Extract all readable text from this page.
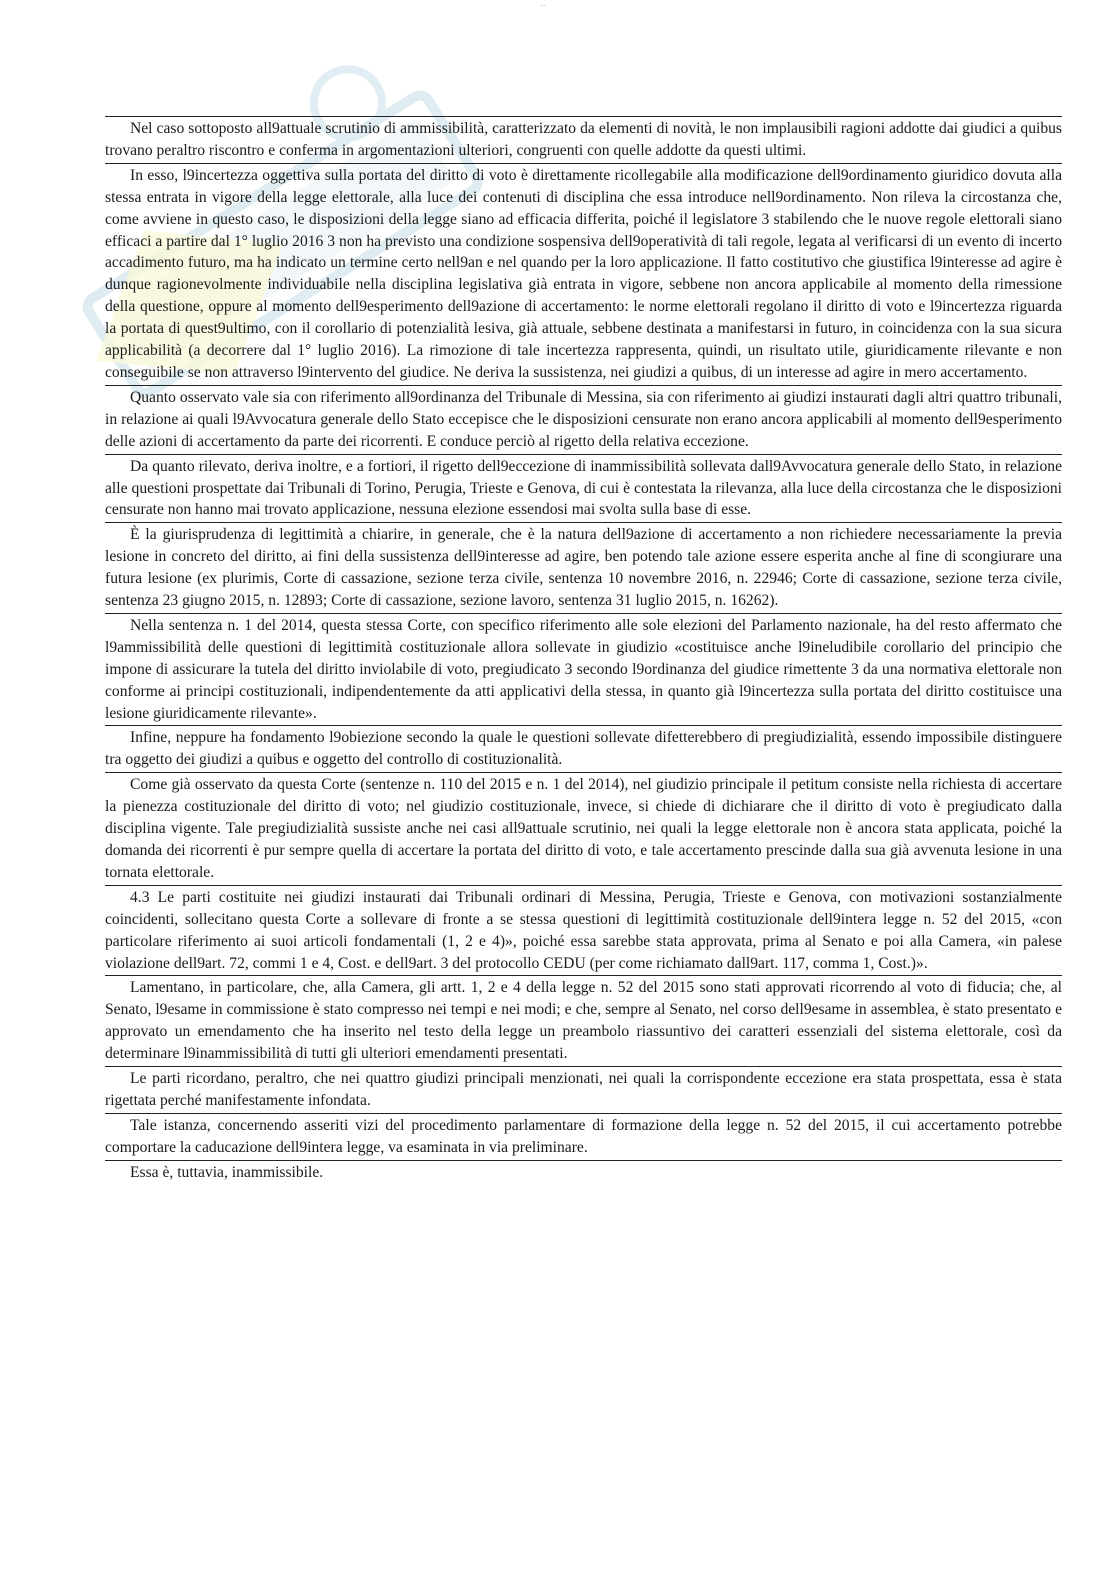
...

Nel caso sottoposto all9attuale scrutinio di ammissibilità, caratterizzato da elementi di novità, le non implausibili ragioni addotte dai giudici a quibus trovano peraltro riscontro e conferma in argomentazioni ulteriori, congruenti con quelle addotte da questi ultimi.

In esso, l9incertezza oggettiva sulla portata del diritto di voto è direttamente ricollegabile alla modificazione dell9ordinamento giuridico dovuta alla stessa entrata in vigore della legge elettorale, alla luce dei contenuti di disciplina che essa introduce nell9ordinamento. Non rileva la circostanza che, come avviene in questo caso, le disposizioni della legge siano ad efficacia differita, poiché il legislatore 3 stabilendo che le nuove regole elettorali siano efficaci a partire dal 1° luglio 2016 3 non ha previsto una condizione sospensiva dell9operatività di tali regole, legata al verificarsi di un evento di incerto accadimento futuro, ma ha indicato un termine certo nell9an e nel quando per la loro applicazione. Il fatto costitutivo che giustifica l9interesse ad agire è dunque ragionevolmente individuabile nella disciplina legislativa già entrata in vigore, sebbene non ancora applicabile al momento della rimessione della questione, oppure al momento dell9esperimento dell9azione di accertamento: le norme elettorali regolano il diritto di voto e l9incertezza riguarda la portata di quest9ultimo, con il corollario di potenzialità lesiva, già attuale, sebbene destinata a manifestarsi in futuro, in coincidenza con la sua sicura applicabilità (a decorrere dal 1° luglio 2016). La rimozione di tale incertezza rappresenta, quindi, un risultato utile, giuridicamente rilevante e non conseguibile se non attraverso l9intervento del giudice. Ne deriva la sussistenza, nei giudizi a quibus, di un interesse ad agire in mero accertamento.

Quanto osservato vale sia con riferimento all9ordinanza del Tribunale di Messina, sia con riferimento ai giudizi instaurati dagli altri quattro tribunali, in relazione ai quali l9Avvocatura generale dello Stato eccepisce che le disposizioni censurate non erano ancora applicabili al momento dell9esperimento delle azioni di accertamento da parte dei ricorrenti. E conduce perciò al rigetto della relativa eccezione.

Da quanto rilevato, deriva inoltre, e a fortiori, il rigetto dell9eccezione di inammissibilità sollevata dall9Avvocatura generale dello Stato, in relazione alle questioni prospettate dai Tribunali di Torino, Perugia, Trieste e Genova, di cui è contestata la rilevanza, alla luce della circostanza che le disposizioni censurate non hanno mai trovato applicazione, nessuna elezione essendosi mai svolta sulla base di esse.

È la giurisprudenza di legittimità a chiarire, in generale, che è la natura dell9azione di accertamento a non richiedere necessariamente la previa lesione in concreto del diritto, ai fini della sussistenza dell9interesse ad agire, ben potendo tale azione essere esperita anche al fine di scongiurare una futura lesione (ex plurimis, Corte di cassazione, sezione terza civile, sentenza 10 novembre 2016, n. 22946; Corte di cassazione, sezione terza civile, sentenza 23 giugno 2015, n. 12893; Corte di cassazione, sezione lavoro, sentenza 31 luglio 2015, n. 16262).

Nella sentenza n. 1 del 2014, questa stessa Corte, con specifico riferimento alle sole elezioni del Parlamento nazionale, ha del resto affermato che l9ammissibilità delle questioni di legittimità costituzionale allora sollevate in giudizio «costituisce anche l9ineludibile corollario del principio che impone di assicurare la tutela del diritto inviolabile di voto, pregiudicato 3 secondo l9ordinanza del giudice rimettente 3 da una normativa elettorale non conforme ai principi costituzionali, indipendentemente da atti applicativi della stessa, in quanto già l9incertezza sulla portata del diritto costituisce una lesione giuridicamente rilevante».

Infine, neppure ha fondamento l9obiezione secondo la quale le questioni sollevate difetterebbero di pregiudizialità, essendo impossibile distinguere tra oggetto dei giudizi a quibus e oggetto del controllo di costituzionalità.

Come già osservato da questa Corte (sentenze n. 110 del 2015 e n. 1 del 2014), nel giudizio principale il petitum consiste nella richiesta di accertare la pienezza costituzionale del diritto di voto; nel giudizio costituzionale, invece, si chiede di dichiarare che il diritto di voto è pregiudicato dalla disciplina vigente. Tale pregiudizialità sussiste anche nei casi all9attuale scrutinio, nei quali la legge elettorale non è ancora stata applicata, poiché la domanda dei ricorrenti è pur sempre quella di accertare la portata del diritto di voto, e tale accertamento prescinde dalla sua già avvenuta lesione in una tornata elettorale.

4.3 Le parti costituite nei giudizi instaurati dai Tribunali ordinari di Messina, Perugia, Trieste e Genova, con motivazioni sostanzialmente coincidenti, sollecitano questa Corte a sollevare di fronte a se stessa questioni di legittimità costituzionale dell9intera legge n. 52 del 2015, «con particolare riferimento ai suoi articoli fondamentali (1, 2 e 4)», poiché essa sarebbe stata approvata, prima al Senato e poi alla Camera, «in palese violazione dell9art. 72, commi 1 e 4, Cost. e dell9art. 3 del protocollo CEDU (per come richiamato dall9art. 117, comma 1, Cost.)».

Lamentano, in particolare, che, alla Camera, gli artt. 1, 2 e 4 della legge n. 52 del 2015 sono stati approvati ricorrendo al voto di fiducia; che, al Senato, l9esame in commissione è stato compresso nei tempi e nei modi; e che, sempre al Senato, nel corso dell9esame in assemblea, è stato presentato e approvato un emendamento che ha inserito nel testo della legge un preambolo riassuntivo dei caratteri essenziali del sistema elettorale, così da determinare l9inammissibilità di tutti gli ulteriori emendamenti presentati.

Le parti ricordano, peraltro, che nei quattro giudizi principali menzionati, nei quali la corrispondente eccezione era stata prospettata, essa è stata rigettata perché manifestamente infondata.

Tale istanza, concernendo asseriti vizi del procedimento parlamentare di formazione della legge n. 52 del 2015, il cui accertamento potrebbe comportare la caducazione dell9intera legge, va esaminata in via preliminare.

Essa è, tuttavia, inammissibile.
